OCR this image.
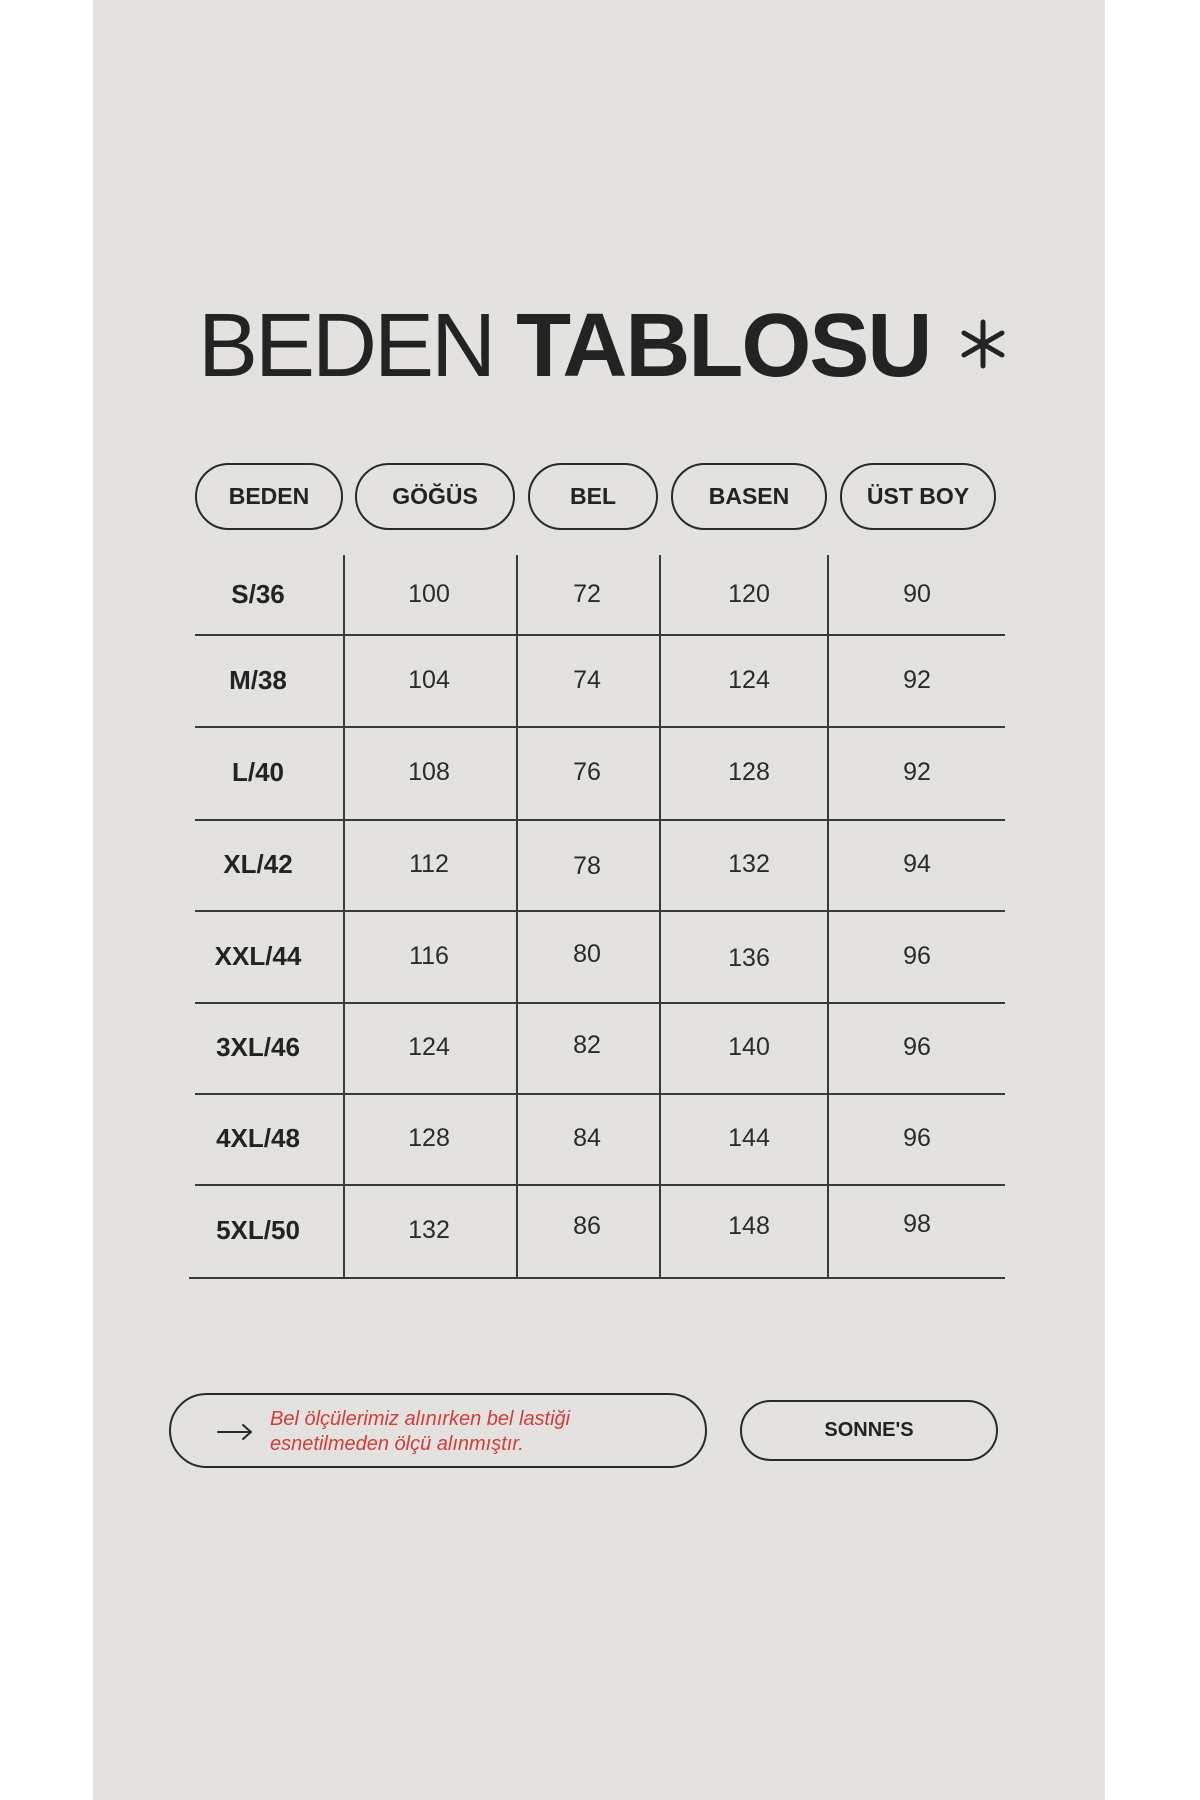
BEDEN TABLOSU
BEDEN	GÖĞÜS	BEL	BASEN	ÜST BOY
S/36	100	72	120	90
M/38	104	74	124	92
L/40	108	76	128	92
XL/42	112	78	132	94
XXL/44	116	80	136	96
3XL/46	124	82	140	96
4XL/48	128	84	144	96
5XL/50	132	86	148	98
Bel ölçülerimiz alınırken bel lastiği
esnetilmeden ölçü alınmıştır.
SONNE'S
